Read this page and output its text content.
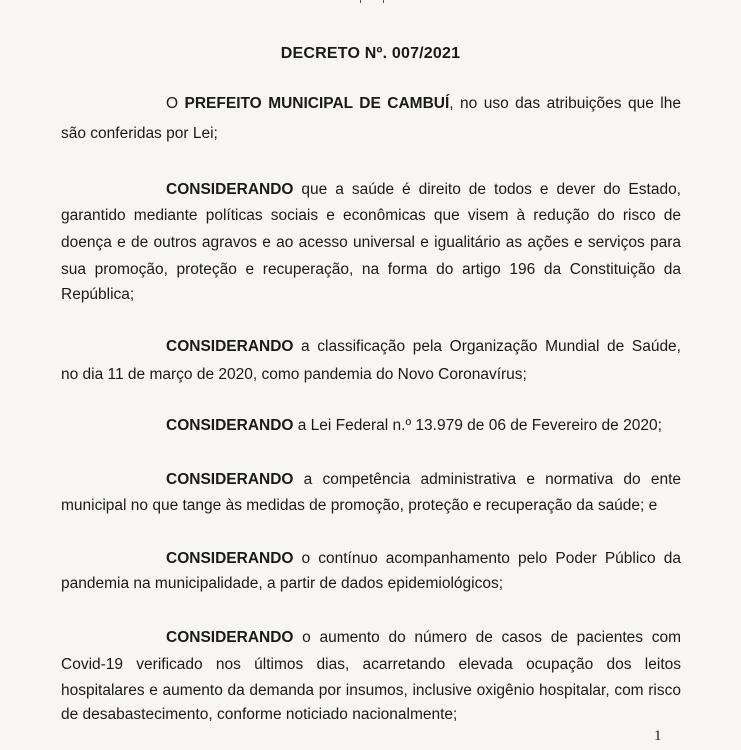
DECRETO Nº. 007/2021
O PREFEITO MUNICIPAL DE CAMBUÍ, no uso das atribuições que lhe
são conferidas por Lei;
CONSIDERANDO que a saúde é direito de todos e dever do Estado,
garantido mediante políticas sociais e econômicas que visem à redução do risco de
doença e de outros agravos e ao acesso universal e igualitário as ações e serviços para
sua promoção, proteção e recuperação, na forma do artigo 196 da Constituição da
República;
CONSIDERANDO a classificação pela Organização Mundial de Saúde,
no dia 11 de março de 2020, como pandemia do Novo Coronavírus;
CONSIDERANDO a Lei Federal n.º 13.979 de 06 de Fevereiro de 2020;
CONSIDERANDO a competência administrativa e normativa do ente
municipal no que tange às medidas de promoção, proteção e recuperação da saúde; e
CONSIDERANDO o contínuo acompanhamento pelo Poder Público da
pandemia na municipalidade, a partir de dados epidemiológicos;
CONSIDERANDO o aumento do número de casos de pacientes com
Covid-19 verificado nos últimos dias, acarretando elevada ocupação dos leitos
hospitalares e aumento da demanda por insumos, inclusive oxigênio hospitalar, com risco
de desabastecimento, conforme noticiado nacionalmente;
1
